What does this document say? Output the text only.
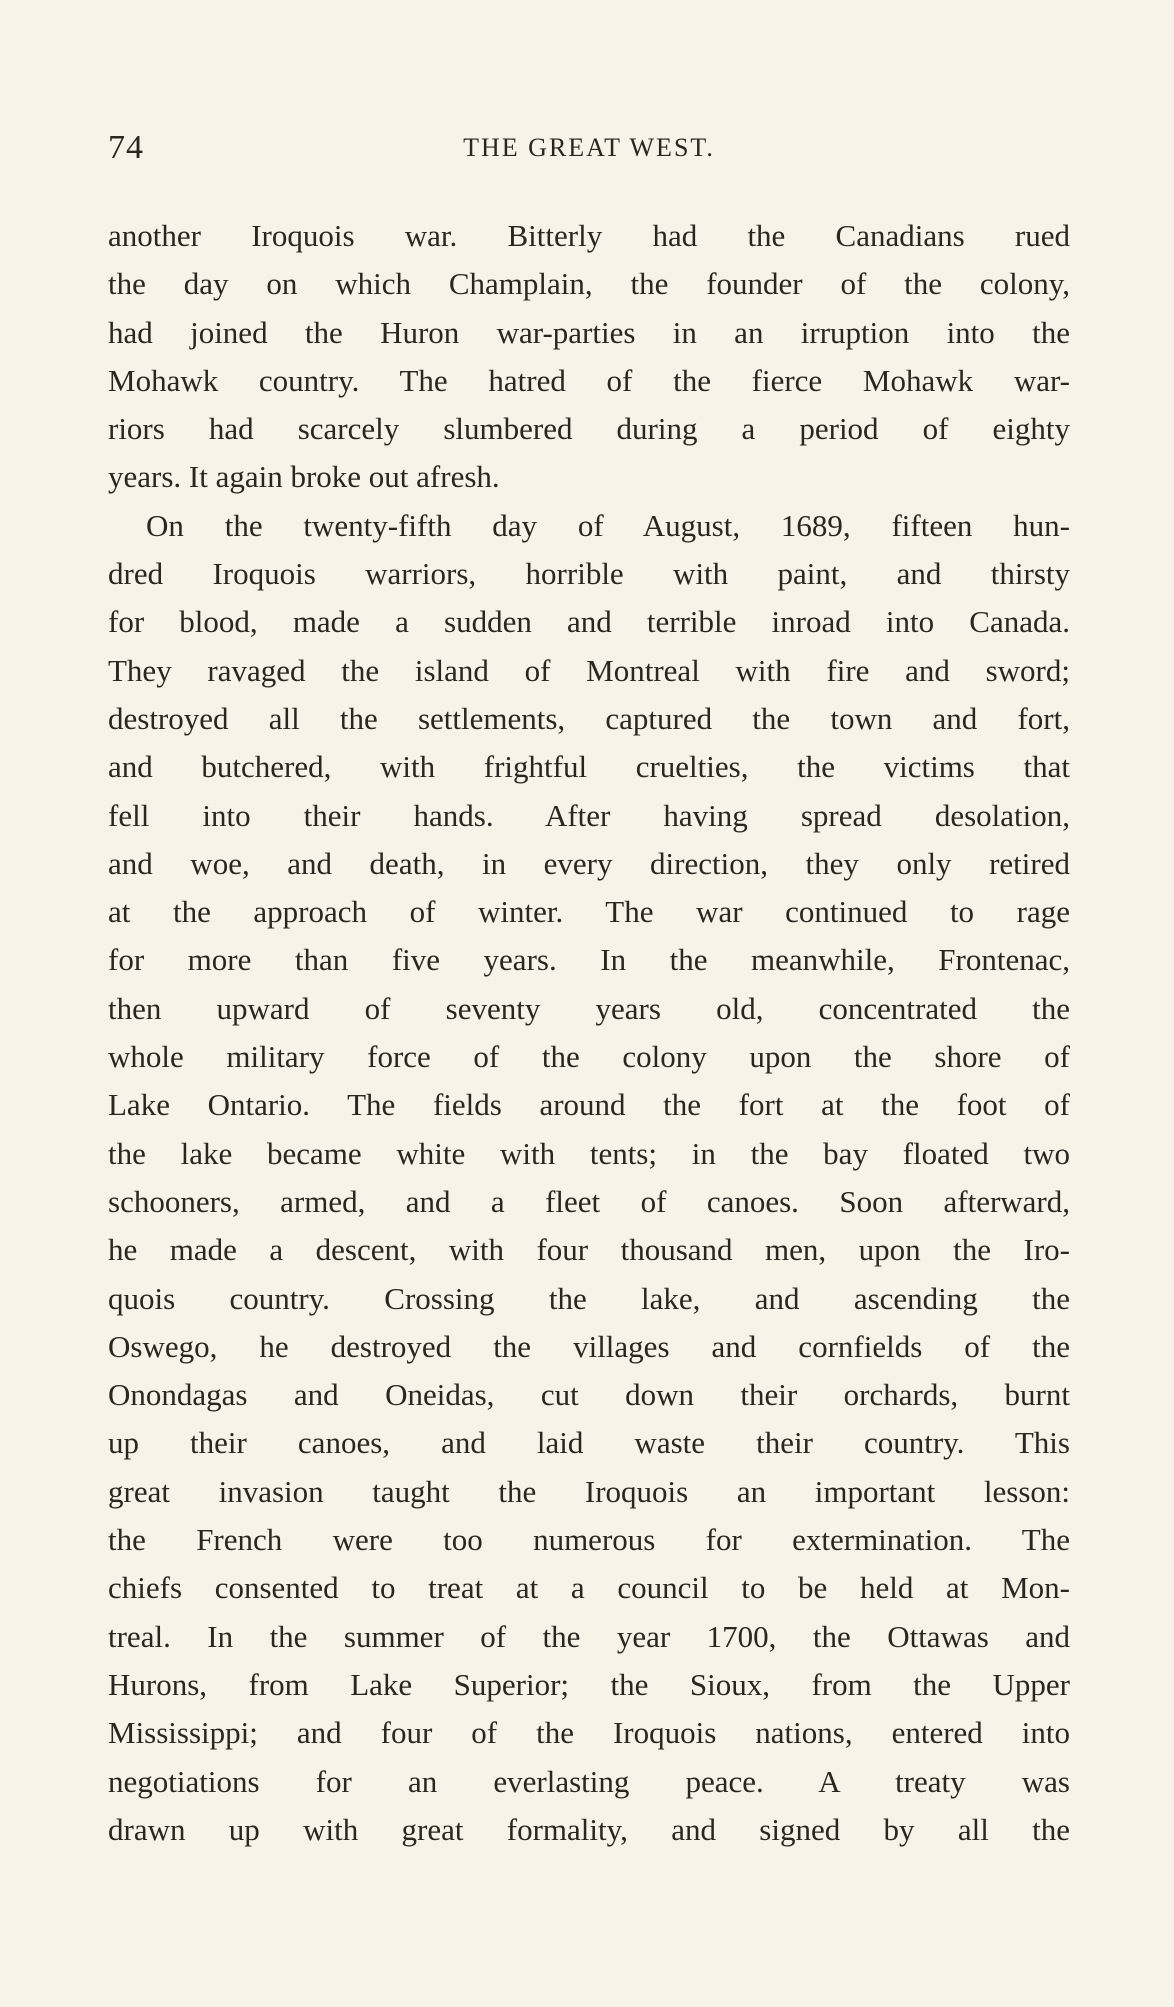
74	THE GREAT WEST.
another Iroquois war. Bitterly had the Canadians rued
the day on which Champlain, the founder of the colony,
had joined the Huron war-parties in an irruption into the
Mohawk country. The hatred of the fierce Mohawk war-
riors had scarcely slumbered during a period of eighty
years. It again broke out afresh.
On the twenty-fifth day of August, 1689, fifteen hun-
dred Iroquois warriors, horrible with paint, and thirsty
for blood, made a sudden and terrible inroad into Canada.
They ravaged the island of Montreal with fire and sword;
destroyed all the settlements, captured the town and fort,
and butchered, with frightful cruelties, the victims that
fell into their hands. After having spread desolation,
and woe, and death, in every direction, they only retired
at the approach of winter. The war continued to rage
for more than five years. In the meanwhile, Frontenac,
then upward of seventy years old, concentrated the
whole military force of the colony upon the shore of
Lake Ontario. The fields around the fort at the foot of
the lake became white with tents; in the bay floated two
schooners, armed, and a fleet of canoes. Soon afterward,
he made a descent, with four thousand men, upon the Iro-
quois country. Crossing the lake, and ascending the
Oswego, he destroyed the villages and cornfields of the
Onondagas and Oneidas, cut down their orchards, burnt
up their canoes, and laid waste their country. This
great invasion taught the Iroquois an important lesson:
the French were too numerous for extermination. The
chiefs consented to treat at a council to be held at Mon-
treal. In the summer of the year 1700, the Ottawas and
Hurons, from Lake Superior; the Sioux, from the Upper
Mississippi; and four of the Iroquois nations, entered into
negotiations for an everlasting peace. A treaty was
drawn up with great formality, and signed by all the
